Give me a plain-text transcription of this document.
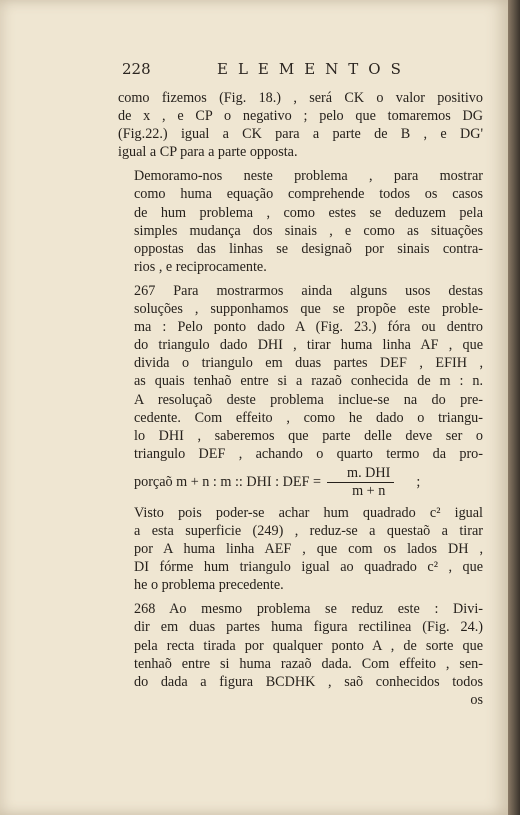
228	ELEMENTOS

como fizemos (Fig. 18.) , será CK o valor positivo
de x , e CP o negativo ; pelo que tomaremos DG
(Fig.22.) igual a CK para a parte de B , e DG'
igual a CP para a parte opposta.

Demoramo-nos neste problema , para mostrar
como huma equação comprehende todos os casos
de hum problema , como estes se deduzem pela
simples mudança dos sinais , e como as situações
oppostas das linhas se designaõ por sinais contra-
rios , e reciprocamente.

267 Para mostrarmos ainda alguns usos destas
soluções , supponhamos que se propõe este proble-
ma : Pelo ponto dado A (Fig. 23.) fóra ou dentro
do triangulo dado DHI , tirar huma linha AF , que
divida o triangulo em duas partes DEF , EFIH ,
as quais tenhaõ entre si a razaõ conhecida de m : n.
A resoluçaõ deste problema inclue-se na do pre-
cedente. Com effeito , como he dado o triangu-
lo DHI , saberemos que parte delle deve ser o
triangulo DEF , achando o quarto termo da pro-
porçaõ m + n : m :: DHI : DEF = $\frac{\text{m. DHI}}{m + n}$	;
Visto pois poder-se achar hum quadrado c² igual
a esta superficie (249) , reduz-se a questaõ a tirar
por A huma linha AEF , que com os lados DH ,
DI fórme hum triangulo igual ao quadrado c² , que
he o problema precedente.

268 Ao mesmo problema se reduz este : Divi-
dir em duas partes huma figura rectilinea (Fig. 24.)
pela recta tirada por qualquer ponto A , de sorte que
tenhaõ entre si huma razaõ dada. Com effeito , sen-
do dada a figura BCDHK , saõ conhecidos todos
os
